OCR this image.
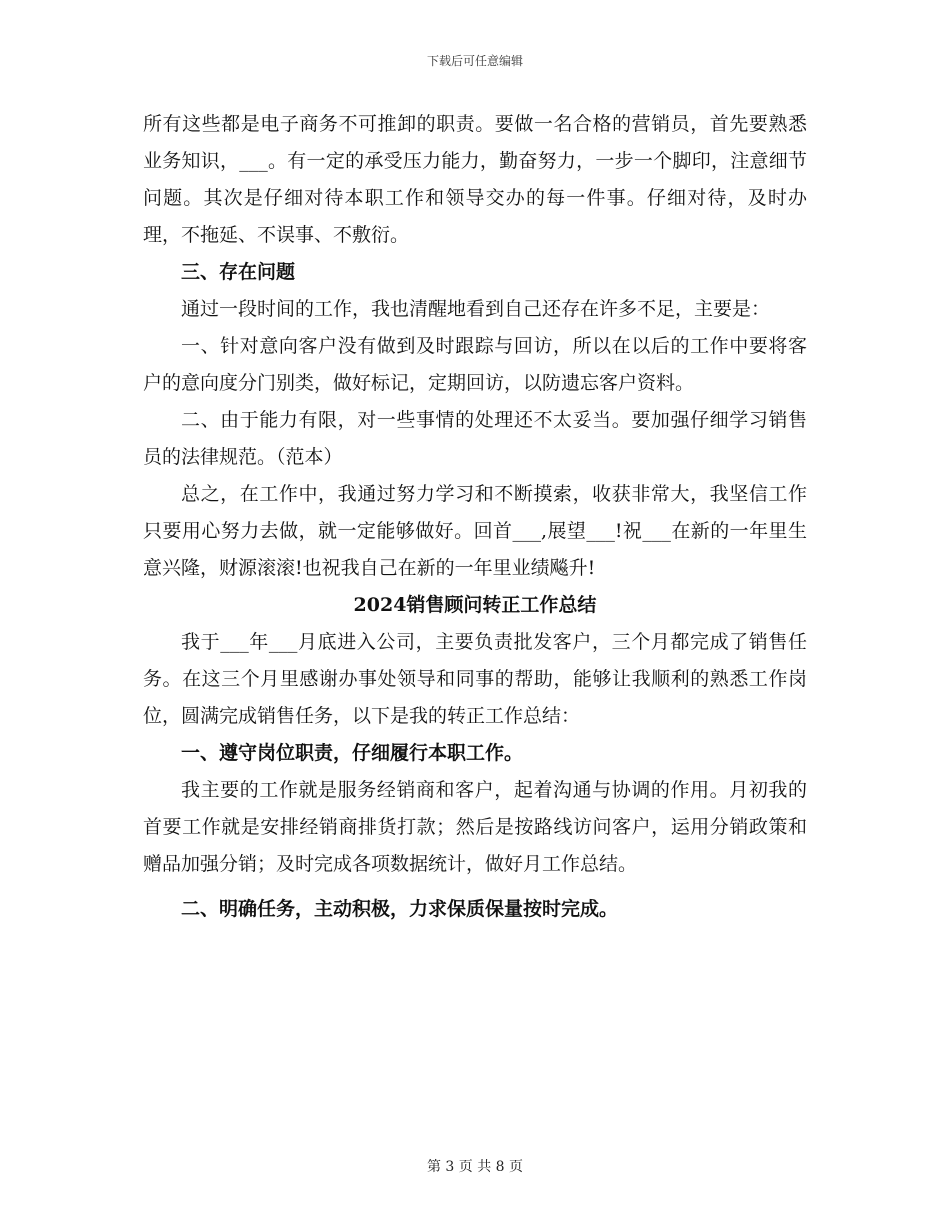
下载后可任意编辑

所有这些都是电子商务不可推卸的职责。要做一名合格的营销员，首先要熟悉业务知识，___。有一定的承受压力能力，勤奋努力，一步一个脚印，注意细节问题。其次是仔细对待本职工作和领导交办的每一件事。仔细对待，及时办理，不拖延、不误事、不敷衍。

三、存在问题

通过一段时间的工作，我也清醒地看到自己还存在许多不足，主要是：

一、针对意向客户没有做到及时跟踪与回访，所以在以后的工作中要将客户的意向度分门别类，做好标记，定期回访，以防遗忘客户资料。

二、由于能力有限，对一些事情的处理还不太妥当。要加强仔细学习销售员的法律规范。（范本）

总之，在工作中，我通过努力学习和不断摸索，收获非常大，我坚信工作只要用心努力去做，就一定能够做好。回首___,展望___!祝___在新的一年里生意兴隆，财源滚滚!也祝我自己在新的一年里业绩飚升!

2024销售顾问转正工作总结

我于___年___月底进入公司，主要负责批发客户，三个月都完成了销售任务。在这三个月里感谢办事处领导和同事的帮助，能够让我顺利的熟悉工作岗位，圆满完成销售任务，以下是我的转正工作总结：

一、遵守岗位职责，仔细履行本职工作。

我主要的工作就是服务经销商和客户，起着沟通与协调的作用。月初我的首要工作就是安排经销商排货打款；然后是按路线访问客户，运用分销政策和赠品加强分销；及时完成各项数据统计，做好月工作总结。

二、明确任务，主动积极，力求保质保量按时完成。
第 3 页 共 8 页
